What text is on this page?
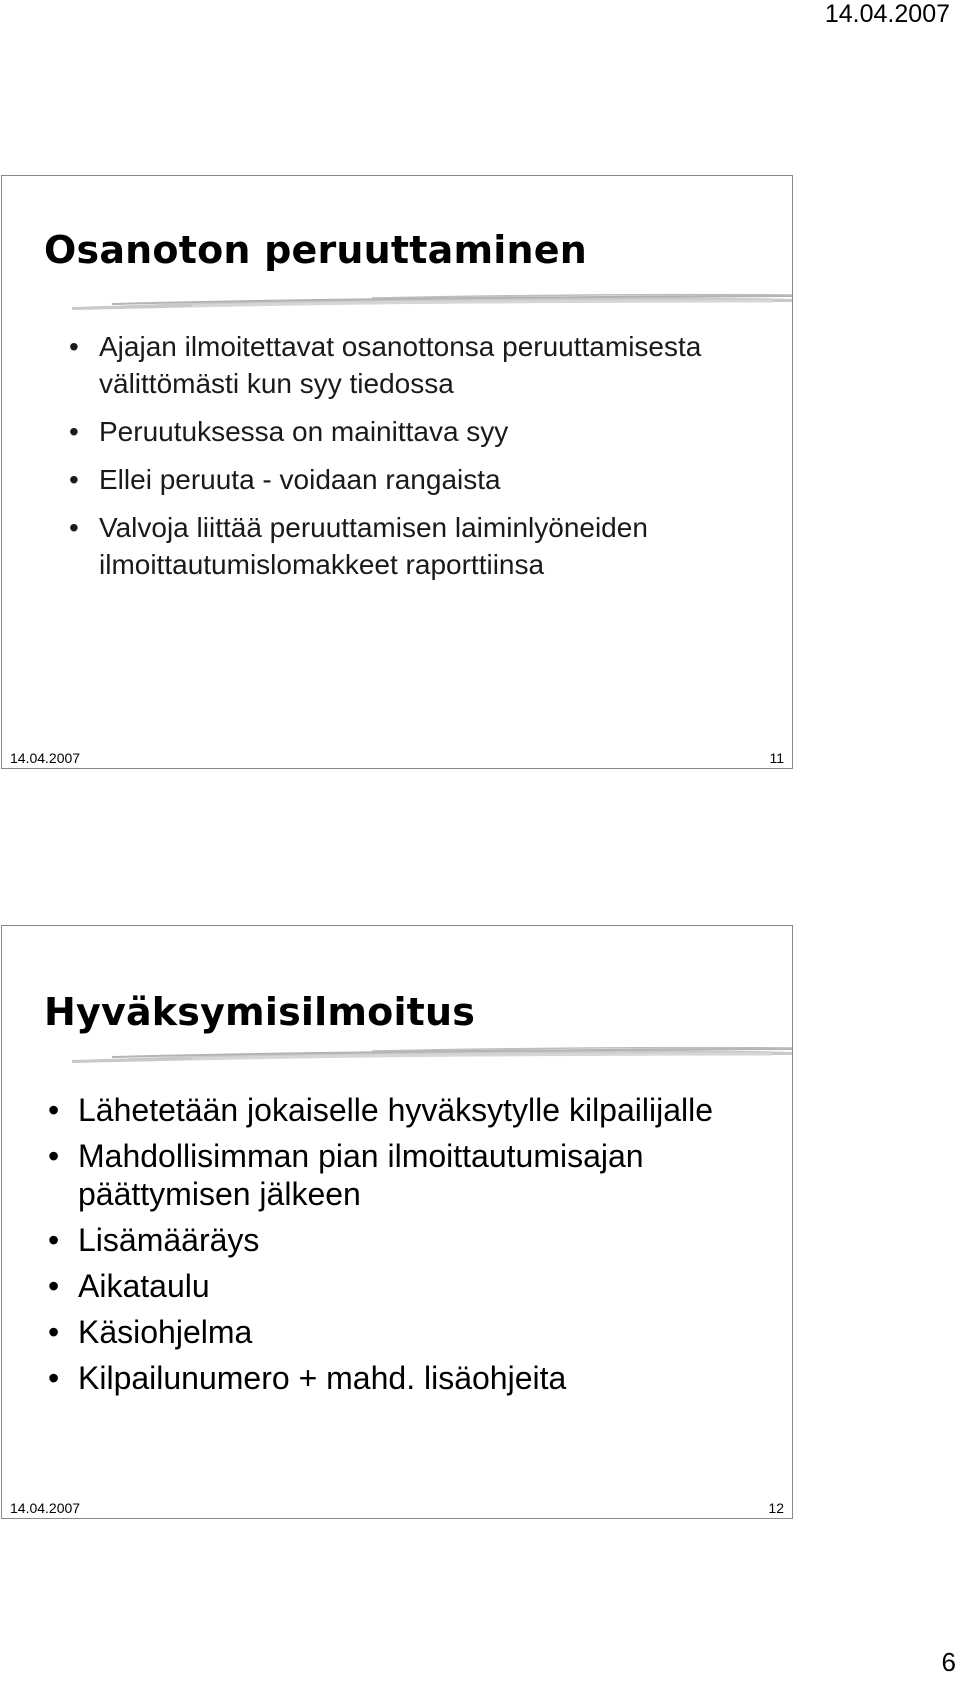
14.04.2007
Osanoton peruuttaminen
• Ajajan ilmoitettavat osanottonsa peruuttamisesta välittömästi kun syy tiedossa
• Peruutuksessa on mainittava syy
• Ellei peruuta - voidaan rangaista
• Valvoja liittää peruuttamisen laiminlyöneiden ilmoittautumislomakkeet raporttiinsa
14.04.2007	11
Hyväksymisilmoitus
• Lähetetään jokaiselle hyväksytylle kilpailijalle
• Mahdollisimman pian ilmoittautumisajan päättymisen jälkeen
• Lisämääräys
• Aikataulu
• Käsiohjelma
• Kilpailunumero + mahd. lisäohjeita
14.04.2007	12
6
